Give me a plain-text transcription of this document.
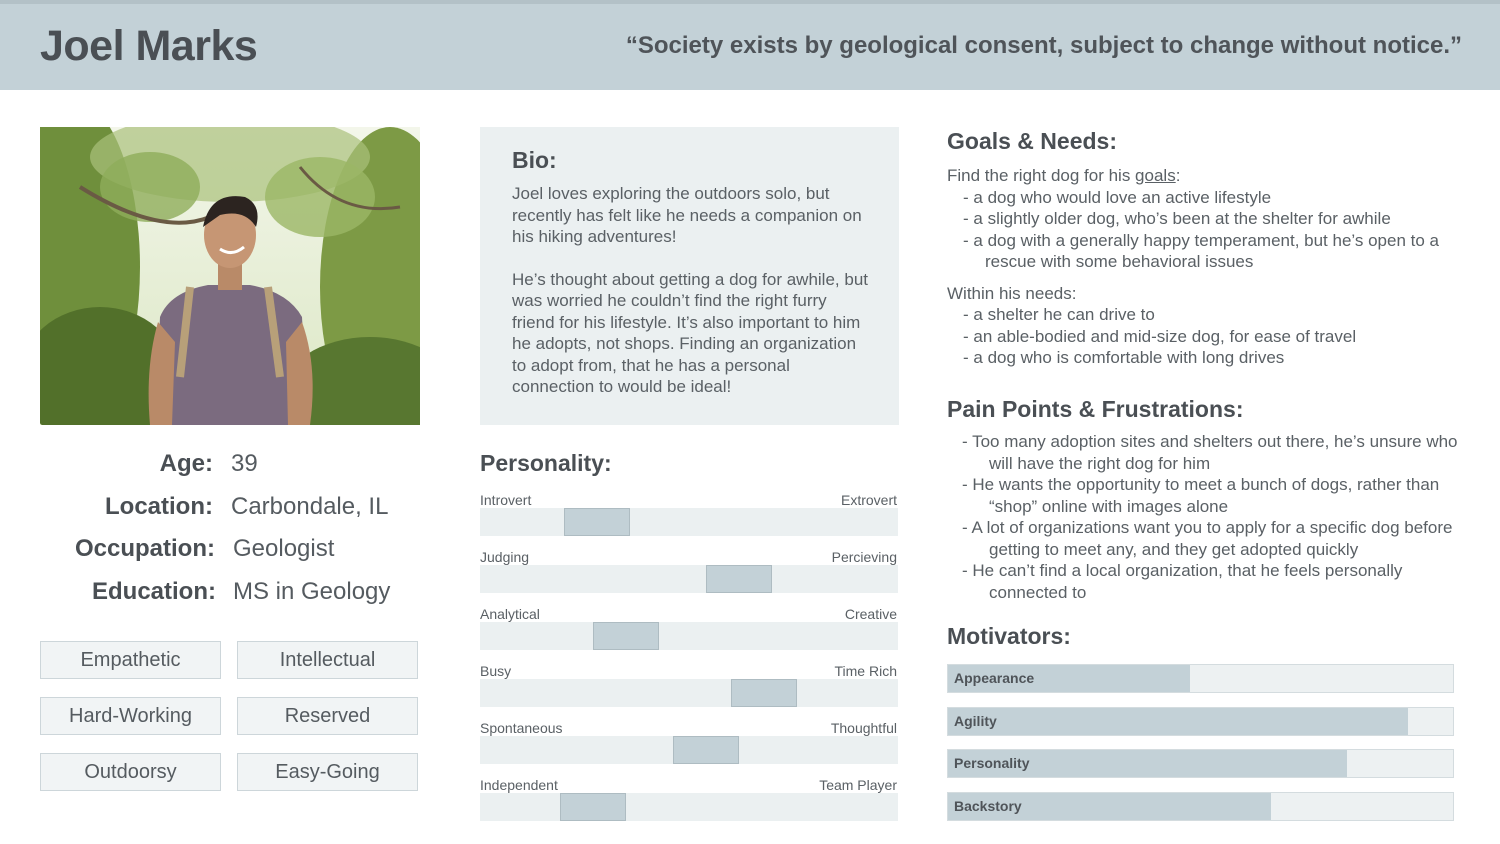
Joel Marks	“Society exists by geological consent, subject to change without notice.”
Age: 39
Location: Carbondale, IL
Occupation: Geologist
Education: MS in Geology
Empathetic	Intellectual
Hard-Working	Reserved
Outdoorsy	Easy-Going
Bio:

Joel loves exploring the outdoors solo, but recently has felt like he needs a companion on his hiking adventures!

He’s thought about getting a dog for awhile, but was worried he couldn’t find the right furry friend for his lifestyle. It’s also important to him he adopts, not shops. Finding an organization to adopt from, that he has a personal connection to would be ideal!

Personality:
Introvert	Extrovert
Judging	Percieving
Analytical	Creative
Busy	Time Rich
Spontaneous	Thoughtful
Independent	Team Player
Goals & Needs:

Find the right dog for his goals:

- a dog who would love an active lifestyle
- a slightly older dog, who’s been at the shelter for awhile
- a dog with a generally happy temperament, but he’s open to a rescue with some behavioral issues

Within his needs:

- a shelter he can drive to
- an able-bodied and mid-size dog, for ease of travel
- a dog who is comfortable with long drives
Pain Points & Frustrations:
- Too many adoption sites and shelters out there, he’s unsure who will have the right dog for him
- He wants the opportunity to meet a bunch of dogs, rather than “shop” online with images alone
- A lot of organizations want you to apply for a specific dog before getting to meet any, and they get adopted quickly
- He can’t find a local organization, that he feels personally connected to
Motivators:
Appearance
Agility
Personality
Backstory
